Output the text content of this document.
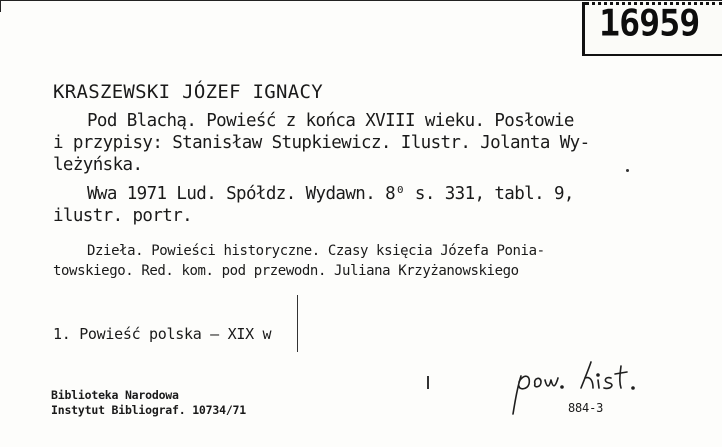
16959
KRASZEWSKI JÓZEF IGNACY
Pod Blachą. Powieść z końca XVIII wieku. Posłowie
i przypisy: Stanisław Stupkiewicz. Ilustr. Jolanta Wy-
leżyńska.
Wwa 1971 Lud. Spółdz. Wydawn. 8⁰ s. 331, tabl. 9,
ilustr. portr.
Dzieła. Powieści historyczne. Czasy księcia Józefa Ponia-
towskiego. Red. kom. pod przewodn. Juliana Krzyżanowskiego
1. Powieść polska — XIX w
Biblioteka Narodowa
Instytut Bibliograf. 10734/71	884-3
